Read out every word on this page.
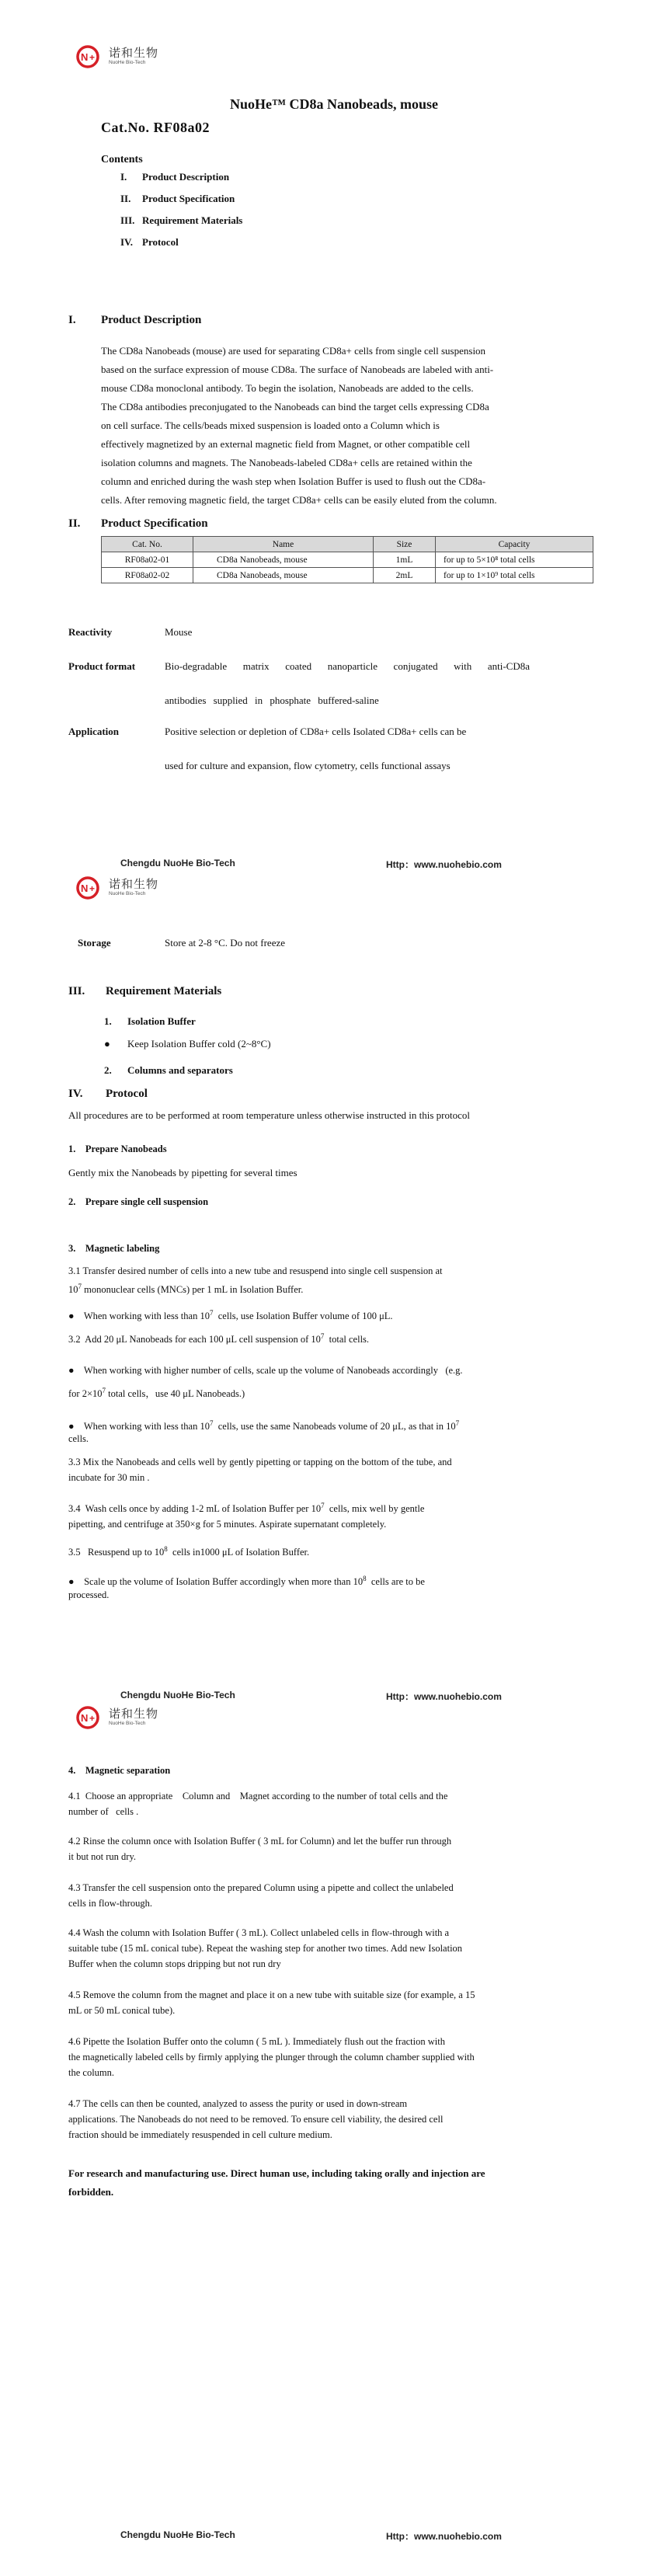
N + 诺和生物
NuoHe Bio-Tech
NuoHe™ CD8a Nanobeads, mouse
Cat.No. RF08a02
Contents
I. Product Description
II. Product Specification
III. Requirement Materials
IV. Protocol
I. Product Description
The CD8a Nanobeads (mouse) are used for separating CD8a+ cells from single cell suspension
based on the surface expression of mouse CD8a. The surface of Nanobeads are labeled with anti-
mouse CD8a monoclonal antibody. To begin the isolation, Nanobeads are added to the cells.
The CD8a antibodies preconjugated to the Nanobeads can bind the target cells expressing CD8a
on cell surface. The cells/beads mixed suspension is loaded onto a Column which is
effectively magnetized by an external magnetic field from Magnet, or other compatible cell
isolation columns and magnets. The Nanobeads-labeled CD8a+ cells are retained within the
column and enriched during the wash step when Isolation Buffer is used to flush out the CD8a-
cells. After removing magnetic field, the target CD8a+ cells can be easily eluted from the column.
II. Product Specification
Cat. No.	Name	Size	Capacity
RF08a02-01	CD8a Nanobeads, mouse	1mL	for up to 5×10⁸ total cells
RF08a02-02	CD8a Nanobeads, mouse	2mL	for up to 1×10⁹ total cells
Reactivity	Mouse
Product format	Bio-degradable matrix coated nanoparticle conjugated with anti-CD8a
antibodies supplied in phosphate buffered-saline
Application	Positive selection or depletion of CD8a+ cells Isolated CD8a+ cells can be
used for culture and expansion, flow cytometry, cells functional assays
Chengdu NuoHe Bio-Tech	Http：www.nuohebio.com
N + 诺和生物
NuoHe Bio-Tech
Storage	Store at 2-8 °C. Do not freeze
III. Requirement Materials
1. Isolation Buffer
● Keep Isolation Buffer cold (2~8°C)
2. Columns and separators
IV. Protocol
All procedures are to be performed at room temperature unless otherwise instructed in this protocol
1.    Prepare Nanobeads
Gently mix the Nanobeads by pipetting for several times
2.    Prepare single cell suspension
3.    Magnetic labeling
3.1 Transfer desired number of cells into a new tube and resuspend into single cell suspension at
$10^7$ mononuclear cells (MNCs) per 1 mL in Isolation Buffer.
●    When working with less than $10^7$  cells, use Isolation Buffer volume of 100 μL.
3.2  Add 20 μL Nanobeads for each 100 μL cell suspension of $10^7$  total cells.
●    When working with higher number of cells, scale up the volume of Nanobeads accordingly   (e.g.
for $2\times 10^7$ total cells，use 40 μL Nanobeads.)
●    When working with less than $10^7$  cells, use the same Nanobeads volume of 20 μL, as that in $10^7$
cells.
3.3 Mix the Nanobeads and cells well by gently pipetting or tapping on the bottom of the tube, and
incubate for 30 min .
3.4  Wash cells once by adding 1-2 mL of Isolation Buffer per $10^7$  cells, mix well by gentle
pipetting, and centrifuge at 350×g for 5 minutes. Aspirate supernatant completely.
3.5   Resuspend up to $10^8$  cells in1000 μL of Isolation Buffer.
●    Scale up the volume of Isolation Buffer accordingly when more than $10^8$  cells are to be
processed.
Chengdu NuoHe Bio-Tech	Http：www.nuohebio.com
N + 诺和生物
NuoHe Bio-Tech
4.    Magnetic separation
4.1  Choose an appropriate    Column and    Magnet according to the number of total cells and the
number of   cells .
4.2 Rinse the column once with Isolation Buffer ( 3 mL for Column) and let the buffer run through
it but not run dry.
4.3 Transfer the cell suspension onto the prepared Column using a pipette and collect the unlabeled
cells in flow-through.
4.4 Wash the column with Isolation Buffer ( 3 mL). Collect unlabeled cells in flow-through with a
suitable tube (15 mL conical tube). Repeat the washing step for another two times. Add new Isolation
Buffer when the column stops dripping but not run dry
4.5 Remove the column from the magnet and place it on a new tube with suitable size (for example, a 15
mL or 50 mL conical tube).
4.6 Pipette the Isolation Buffer onto the column ( 5 mL ). Immediately flush out the fraction with
the magnetically labeled cells by firmly applying the plunger through the column chamber supplied with
the column.
4.7 The cells can then be counted, analyzed to assess the purity or used in down-stream
applications. The Nanobeads do not need to be removed. To ensure cell viability, the desired cell
fraction should be immediately resuspended in cell culture medium.
For research and manufacturing use. Direct human use, including taking orally and injection are
forbidden.
Chengdu NuoHe Bio-Tech	Http：www.nuohebio.com
